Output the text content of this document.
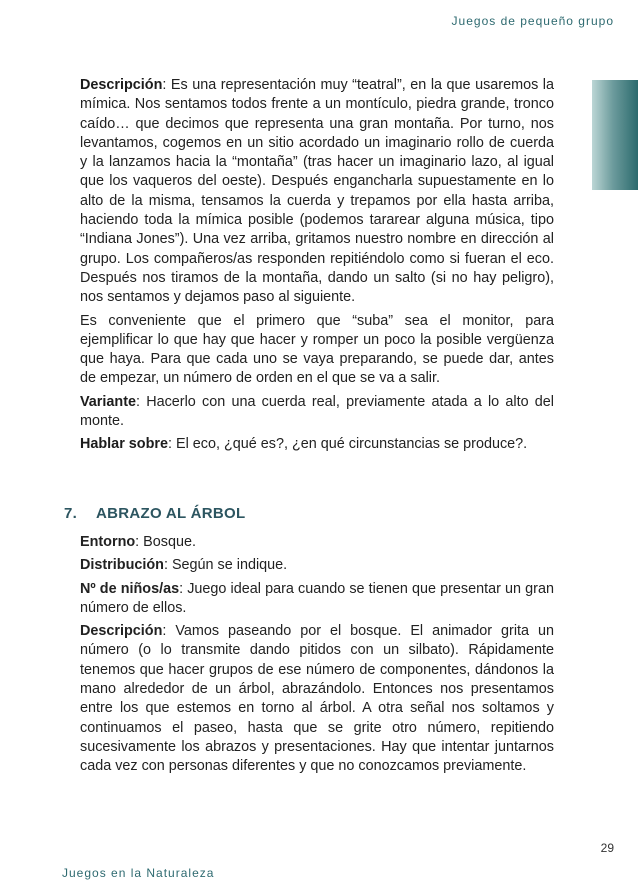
Juegos de pequeño grupo

Descripción: Es una representación muy “teatral”, en la que usaremos la mímica. Nos sentamos todos frente a un montículo, piedra grande, tronco caído… que decimos que representa una gran montaña. Por turno, nos levantamos, cogemos en un sitio acordado un imaginario rollo de cuerda y la lanzamos hacia la “montaña” (tras hacer un imaginario lazo, al igual que los vaqueros del oeste). Después engancharla supuestamente en lo alto de la misma, tensamos la cuerda y trepamos por ella hasta arriba, haciendo toda la mímica posible (podemos tararear alguna música, tipo “Indiana Jones”). Una vez arriba, gritamos nuestro nombre en dirección al grupo. Los compañeros/as responden repitiéndolo como si fueran el eco. Después nos tiramos de la montaña, dando un salto (si no hay peligro), nos sentamos y dejamos paso al siguiente.

Es conveniente que el primero que “suba” sea el monitor, para ejemplificar lo que hay que hacer y romper un poco la posible vergüenza que haya. Para que cada uno se vaya preparando, se puede dar, antes de empezar, un número de orden en el que se va a salir.

Variante: Hacerlo con una cuerda real, previamente atada a lo alto del monte.

Hablar sobre: El eco, ¿qué es?, ¿en qué circunstancias se produce?.

7. ABRAZO AL ÁRBOL

Entorno: Bosque.

Distribución: Según se indique.

Nº de niños/as: Juego ideal para cuando se tienen que presentar un gran número de ellos.

Descripción: Vamos paseando por el bosque. El animador grita un número (o lo transmite dando pitidos con un silbato). Rápidamente tenemos que hacer grupos de ese número de componentes, dándonos la mano alrededor de un árbol, abrazándolo. Entonces nos presentamos entre los que estemos en torno al árbol. A otra señal nos soltamos y continuamos el paseo, hasta que se grite otro número, repitiendo sucesivamente los abrazos y presentaciones. Hay que intentar juntarnos cada vez con personas diferentes y que no conozcamos previamente.

29
Juegos en la Naturaleza
